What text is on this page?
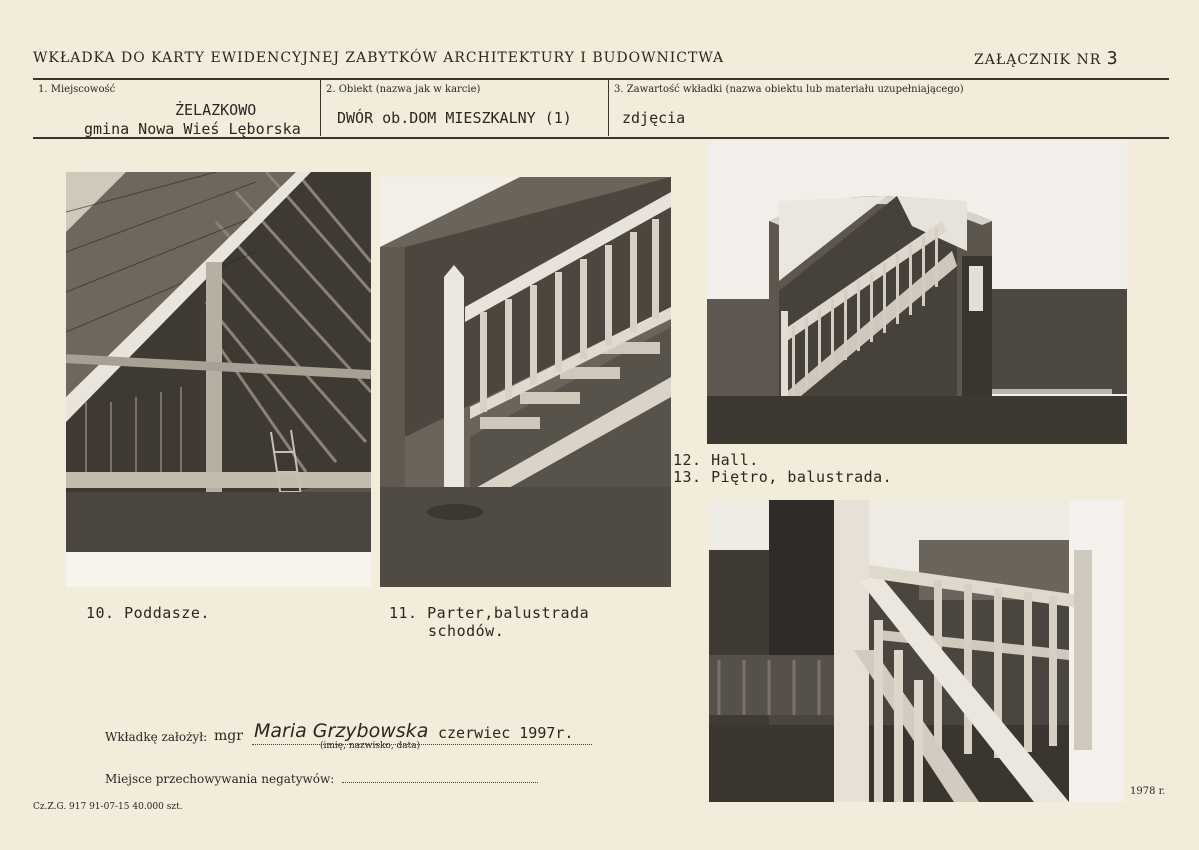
WKŁADKA DO KARTY EWIDENCYJNEJ ZABYTKÓW ARCHITEKTURY I BUDOWNICTWA	ZAŁĄCZNIK NR 3
1. Miejscowość
ŻELAZKOWO
gmina Nowa Wieś Lęborska
2. Obiekt (nazwa jak w karcie)
DWÓR ob.DOM MIESZKALNY (1)
3. Zawartość wkładki (nazwa obiektu lub materiału uzupełniającego)
zdjęcia
10. Poddasze.	11. Parter,balustrada
schodów.
12. Hall.
13. Piętro, balustrada.
Wkładkę założył: mgr Maria Grzybowska czerwiec 1997r.
(imię, nazwisko, data)
Miejsce przechowywania negatywów:
Cz.Z.G. 917 91-07-15 40.000 szt.
1978 r.
